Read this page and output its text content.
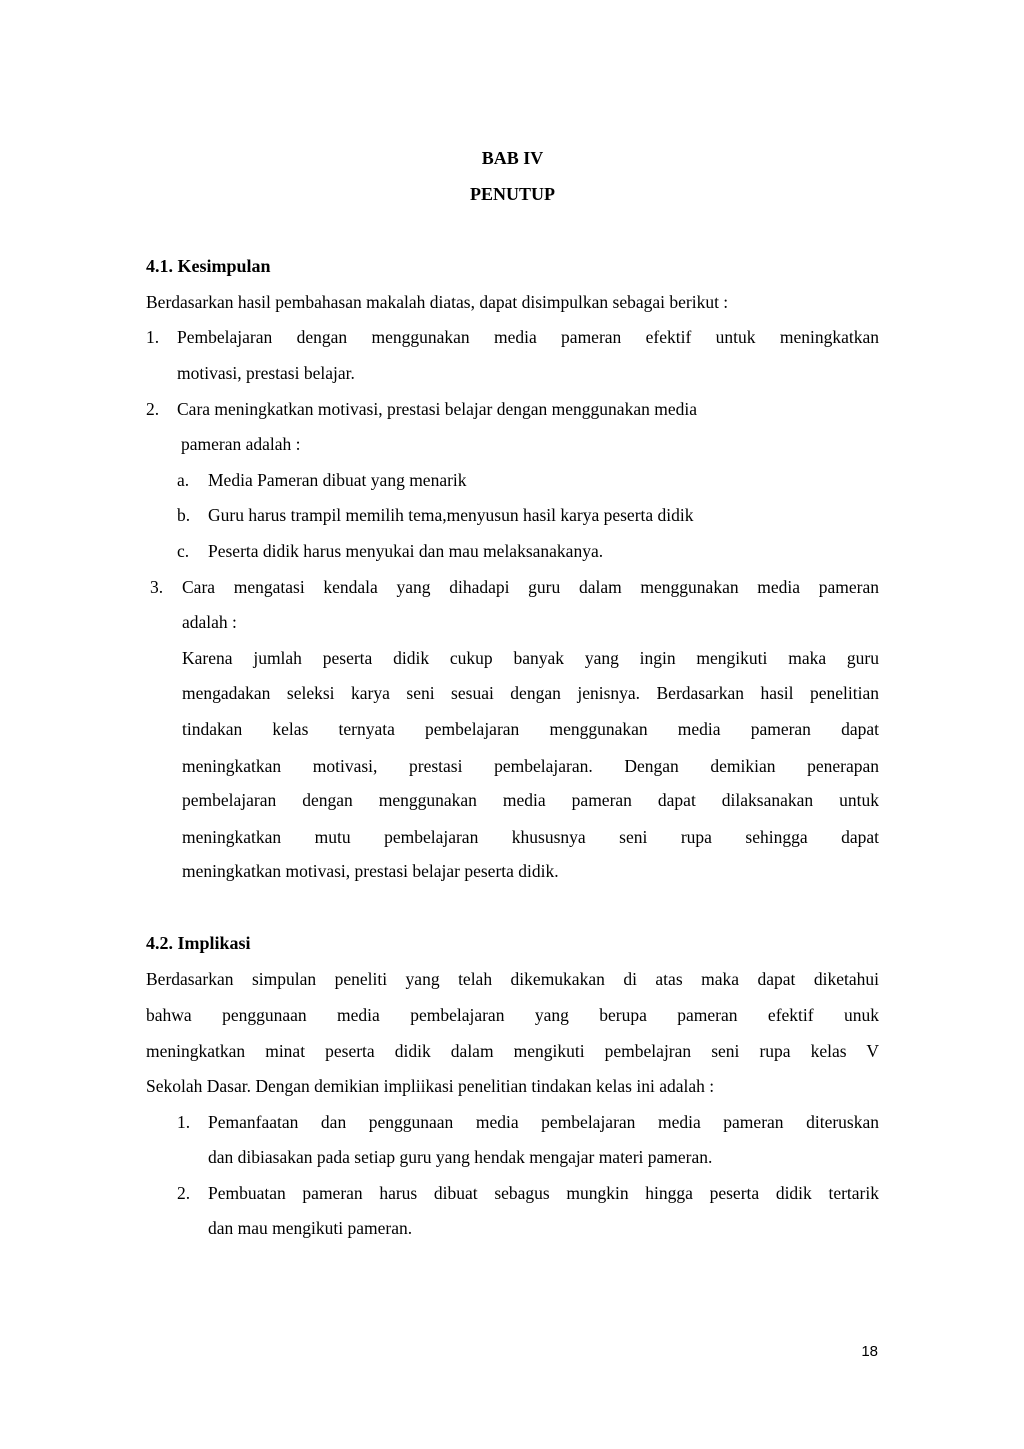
BAB IV
PENUTUP
4.1. Kesimpulan
Berdasarkan hasil pembahasan makalah diatas, dapat disimpulkan sebagai berikut :
1. Pembelajaran dengan menggunakan media pameran efektif untuk meningkatkan
motivasi, prestasi belajar.
2. Cara meningkatkan motivasi, prestasi belajar dengan menggunakan media
pameran adalah :
a. Media Pameran dibuat yang menarik
b. Guru harus trampil memilih tema,menyusun hasil karya peserta didik
c. Peserta didik harus menyukai dan mau melaksanakanya.
3. Cara mengatasi kendala yang dihadapi guru dalam menggunakan media pameran
adalah :
Karena jumlah peserta didik cukup banyak yang ingin mengikuti maka guru
mengadakan seleksi karya seni sesuai dengan jenisnya. Berdasarkan hasil penelitian
tindakan kelas ternyata pembelajaran menggunakan media pameran dapat
meningkatkan motivasi, prestasi pembelajaran. Dengan demikian penerapan
pembelajaran dengan menggunakan media pameran dapat dilaksanakan untuk
meningkatkan mutu pembelajaran khususnya seni rupa sehingga dapat
meningkatkan motivasi, prestasi belajar peserta didik.
4.2. Implikasi
Berdasarkan simpulan peneliti yang telah dikemukakan di atas maka dapat diketahui
bahwa penggunaan media pembelajaran yang berupa pameran efektif unuk
meningkatkan minat peserta didik dalam mengikuti pembelajran seni rupa kelas V
Sekolah Dasar. Dengan demikian impliikasi penelitian tindakan kelas ini adalah :
1. Pemanfaatan dan penggunaan media pembelajaran media pameran diteruskan
dan dibiasakan pada setiap guru yang hendak mengajar materi pameran.
2. Pembuatan pameran harus dibuat sebagus mungkin hingga peserta didik tertarik
dan mau mengikuti pameran.
18
